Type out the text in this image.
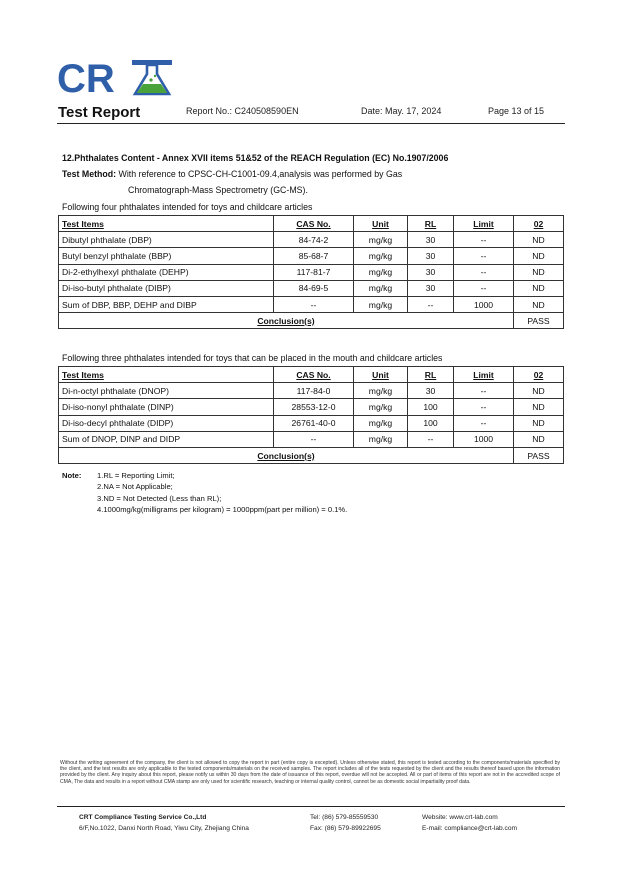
CR
Test Report	Report No.: C240508590EN	Date: May. 17, 2024	Page 13 of 15
12.Phthalates Content - Annex XVII items 51&52 of the REACH Regulation (EC) No.1907/2006
Test Method: With reference to CPSC-CH-C1001-09.4,analysis was performed by Gas
Chromatograph-Mass Spectrometry (GC-MS).
Following four phthalates intended for toys and childcare articles
Test Items	CAS No.	Unit	RL	Limit	02
Dibutyl phthalate (DBP)	84-74-2	mg/kg	30	--	ND
Butyl benzyl phthalate (BBP)	85-68-7	mg/kg	30	--	ND
Di-2-ethylhexyl phthalate (DEHP)	117-81-7	mg/kg	30	--	ND
Di-iso-butyl phthalate (DIBP)	84-69-5	mg/kg	30	--	ND
Sum of DBP, BBP, DEHP and DIBP	--	mg/kg	--	1000	ND
Conclusion(s)					PASS
Following three phthalates intended for toys that can be placed in the mouth and childcare articles
Test Items	CAS No.	Unit	RL	Limit	02
Di-n-octyl phthalate (DNOP)	117-84-0	mg/kg	30	--	ND
Di-iso-nonyl phthalate (DINP)	28553-12-0	mg/kg	100	--	ND
Di-iso-decyl phthalate (DIDP)	26761-40-0	mg/kg	100	--	ND
Sum of DNOP, DINP and DIDP	--	mg/kg	--	1000	ND
Conclusion(s)					PASS
Note: 1.RL = Reporting Limit;
2.NA = Not Applicable;
3.ND = Not Detected (Less than RL);
4.1000mg/kg(milligrams per kilogram) = 1000ppm(part per million) = 0.1%.
Without the writing agreement of the company, the client is not allowed to copy the report in part (entire copy is excepted). Unless otherwise stated, this report is tested according to the components/materials specified by the client, and the test results are only applicable to the tested components/materials on the received samples. The report includes all of the tests requested by the client and the results thereof based upon the information provided by the client. Any inquiry about this report, please notify us within 30 days from the date of issuance of this report, overdue will not be accepted. All or part of items of this report are not in the accredited scope of CMA, The data and results in a report without CMA stamp are only used for scientific research, teaching or internal quality control, cannot be as domestic social impartiality proof data.
CRT Compliance Testing Service Co.,Ltd
6/F,No.1022, Danxi North Road, Yiwu City, Zhejiang China
Tel: (86) 579-85559530
Fax: (86) 579-89922695
Website: www.crt-lab.com
E-mail: compliance@crt-lab.com
